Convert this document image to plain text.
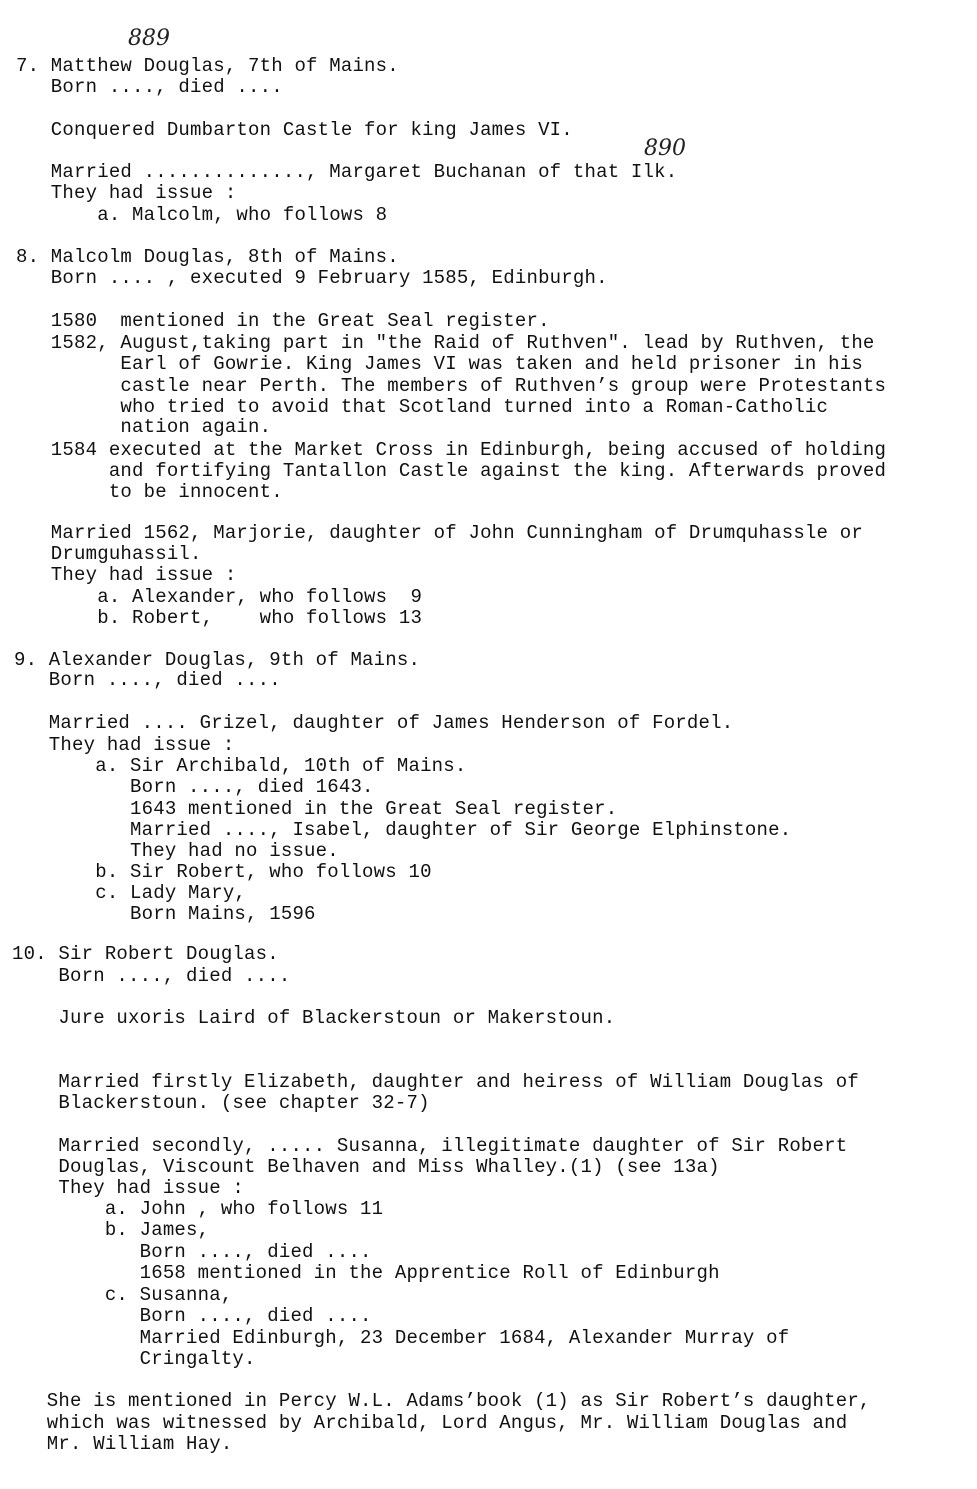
889
890
7. Matthew Douglas, 7th of Mains.
Born ...., died ....
Conquered Dumbarton Castle for king James VI.
Married .............., Margaret Buchanan of that Ilk.
They had issue :
a. Malcolm, who follows 8
8. Malcolm Douglas, 8th of Mains.
Born .... , executed 9 February 1585, Edinburgh.
1580  mentioned in the Great Seal register.
1582, August,taking part in "the Raid of Ruthven". lead by Ruthven, the
Earl of Gowrie. King James VI was taken and held prisoner in his
castle near Perth. The members of Ruthven’s group were Protestants
who tried to avoid that Scotland turned into a Roman-Catholic
nation again.
1584 executed at the Market Cross in Edinburgh, being accused of holding
and fortifying Tantallon Castle against the king. Afterwards proved
to be innocent.
Married 1562, Marjorie, daughter of John Cunningham of Drumquhassle or
Drumguhassil.
They had issue :
a. Alexander, who follows  9
b. Robert,    who follows 13
9. Alexander Douglas, 9th of Mains.
Born ...., died ....
Married .... Grizel, daughter of James Henderson of Fordel.
They had issue :
a. Sir Archibald, 10th of Mains.
Born ...., died 1643.
1643 mentioned in the Great Seal register.
Married ...., Isabel, daughter of Sir George Elphinstone.
They had no issue.
b. Sir Robert, who follows 10
c. Lady Mary,
Born Mains, 1596
10. Sir Robert Douglas.
Born ...., died ....
Jure uxoris Laird of Blackerstoun or Makerstoun.
Married firstly Elizabeth, daughter and heiress of William Douglas of
Blackerstoun. (see chapter 32-7)
Married secondly, ..... Susanna, illegitimate daughter of Sir Robert
Douglas, Viscount Belhaven and Miss Whalley.(1) (see 13a)
They had issue :
a. John , who follows 11
b. James,
Born ...., died ....
1658 mentioned in the Apprentice Roll of Edinburgh
c. Susanna,
Born ...., died ....
Married Edinburgh, 23 December 1684, Alexander Murray of
Cringalty.
She is mentioned in Percy W.L. Adams’book (1) as Sir Robert’s daughter,
which was witnessed by Archibald, Lord Angus, Mr. William Douglas and
Mr. William Hay.
